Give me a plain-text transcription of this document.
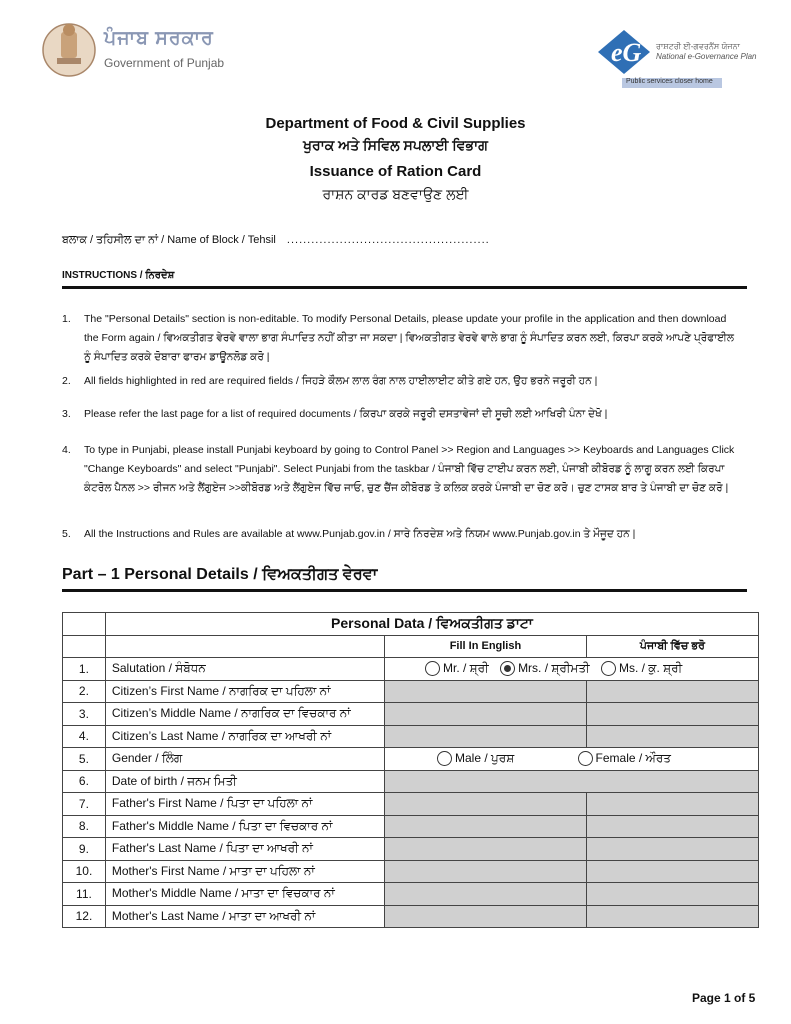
ਪੰਜਾਬ ਸਰਕਾਰ
Government of Punjab	eG ਰਾਸ਼ਟਰੀ ਈ-ਗਵਰਨੈਂਸ ਯੋਜਨਾ
National e-Governance Plan
Public services closer home
Department of Food & Civil Supplies
ਖੁਰਾਕ ਅਤੇ ਸਿਵਿਲ ਸਪਲਾਈ ਵਿਭਾਗ
Issuance of Ration Card
ਰਾਸ਼ਨ ਕਾਰਡ ਬਣਵਾਉਣ ਲਈ
ਬਲਾਕ / ਤਹਿਸੀਲ ਦਾ ਨਾਂ / Name of Block / Tehsil ..................................................
INSTRUCTIONS / ਨਿਰਦੇਸ਼
1. The "Personal Details" section is non-editable. To modify Personal Details, please update your profile in the application and then download the Form again / ਵਿਅਕਤੀਗਤ ਵੇਰਵੇ ਵਾਲਾ ਭਾਗ ਸੰਪਾਦਿਤ ਨਹੀਂ ਕੀਤਾ ਜਾ ਸਕਦਾ | ਵਿਅਕਤੀਗਤ ਵੇਰਵੇ ਵਾਲੇ ਭਾਗ ਨੂੰ ਸੰਪਾਦਿਤ ਕਰਨ ਲਈ, ਕਿਰਪਾ ਕਰਕੇ ਆਪਣੇ ਪ੍ਰੋਫਾਈਲ ਨੂੰ ਸੰਪਾਦਿਤ ਕਰਕੇ ਦੋਬਾਰਾ ਫਾਰਮ ਡਾਊਨਲੋਡ ਕਰੋ |
2. All fields highlighted in red are required fields / ਜਿਹੜੇ ਕੌਲਮ ਲਾਲ ਰੰਗ ਨਾਲ ਹਾਈਲਾਈਟ ਕੀਤੇ ਗਏ ਹਨ, ਉਹ ਭਰਨੇ ਜਰੂਰੀ ਹਨ |
3. Please refer the last page for a list of required documents / ਕਿਰਪਾ ਕਰਕੇ ਜਰੂਰੀ ਦਸਤਾਵੇਜਾਂ ਦੀ ਸੂਚੀ ਲਈ ਆਖਿਰੀ ਪੰਨਾ ਦੇਖੋ |
4. To type in Punjabi, please install Punjabi keyboard by going to Control Panel >> Region and Languages >> Keyboards and Languages Click "Change Keyboards" and select "Punjabi". Select Punjabi from the taskbar / ਪੰਜਾਬੀ ਵਿੱਚ ਟਾਈਪ ਕਰਨ ਲਈ, ਪੰਜਾਬੀ ਕੀਬੋਰਡ ਨੂੰ ਲਾਗੂ ਕਰਨ ਲਈ ਕਿਰਪਾ ਕੰਟਰੋਲ ਪੈਨਲ >> ਰੀਜਨ ਅਤੇ ਲੈਂਗੁਏਜ >>ਕੀਬੋਰਡ ਅਤੇ ਲੈਂਗੁਏਜ ਵਿੱਚ ਜਾਓ, ਚੁਣ ਚੈਂਜ ਕੀਬੋਰਡ ਤੇ ਕਲਿਕ ਕਰਕੇ ਪੰਜਾਬੀ ਦਾ ਚੋਣ ਕਰੋ। ਚੁਣ ਟਾਸਕ ਬਾਰ ਤੇ ਪੰਜਾਬੀ ਦਾ ਚੋਣ ਕਰੋ |
5. All the Instructions and Rules are available at www.Punjab.gov.in / ਸਾਰੇ ਨਿਰਦੇਸ਼ ਅਤੇ ਨਿਯਮ www.Punjab.gov.in ਤੇ ਮੌਜੂਦ ਹਨ |
Part – 1 Personal Details / ਵਿਅਕਤੀਗਤ ਵੇਰਵਾ
	Personal Data / ਵਿਅਕਤੀਗਤ ਡਾਟਾ		
		Fill In English	ਪੰਜਾਬੀ ਵਿੱਚ ਭਰੋ
1.	Salutation / ਸੰਬੋਧਨ	Mr. / ਸ਼੍ਰੀ Mrs. / ਸ਼੍ਰੀਮਤੀ Ms. / ਕੁ. ਸ਼੍ਰੀ	
2.	Citizen’s First Name / ਨਾਗਰਿਕ ਦਾ ਪਹਿਲਾ ਨਾਂ		
3.	Citizen’s Middle Name / ਨਾਗਰਿਕ ਦਾ ਵਿਚਕਾਰ ਨਾਂ		
4.	Citizen’s Last Name / ਨਾਗਰਿਕ ਦਾ ਆਖਰੀ ਨਾਂ		
5.	Gender / ਲਿੰਗ	Male / ਪੁਰਸ਼ Female / ਔਰਤ	
6.	Date of birth / ਜਨਮ ਮਿਤੀ		
7.	Father's First Name / ਪਿਤਾ ਦਾ ਪਹਿਲਾ ਨਾਂ		
8.	Father's Middle Name / ਪਿਤਾ ਦਾ ਵਿਚਕਾਰ ਨਾਂ		
9.	Father's Last Name / ਪਿਤਾ ਦਾ ਆਖਰੀ ਨਾਂ		
10.	Mother's First Name / ਮਾਤਾ ਦਾ ਪਹਿਲਾ ਨਾਂ		
11.	Mother's Middle Name / ਮਾਤਾ ਦਾ ਵਿਚਕਾਰ ਨਾਂ		
12.	Mother's Last Name / ਮਾਤਾ ਦਾ ਆਖਰੀ ਨਾਂ		
Page 1 of 5
